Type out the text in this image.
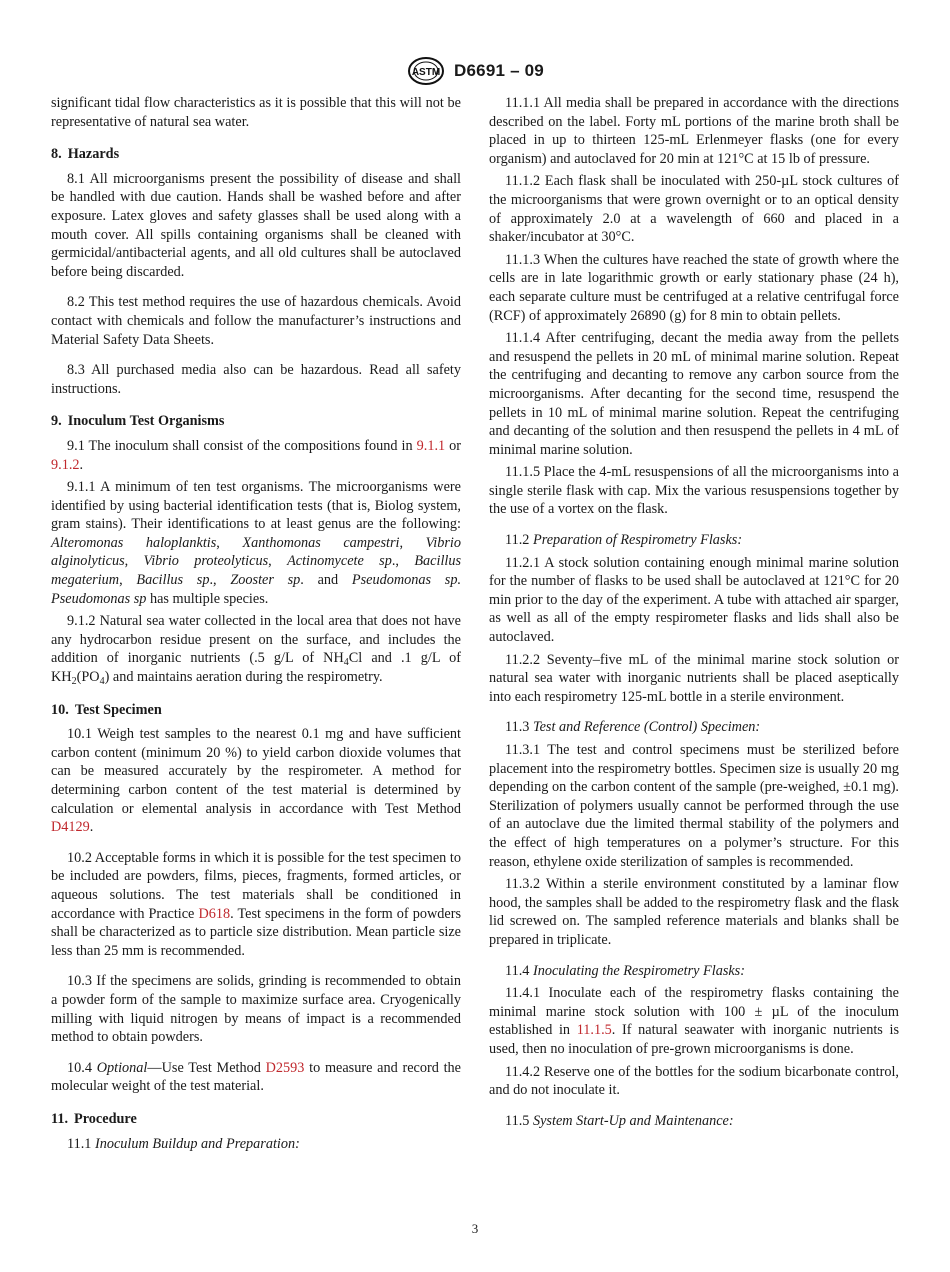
ASTM D6691 – 09

significant tidal flow characteristics as it is possible that this will not be representative of natural sea water.

8. Hazards

8.1 All microorganisms present the possibility of disease and shall be handled with due caution. Hands shall be washed before and after exposure. Latex gloves and safety glasses shall be used along with a mouth cover. All spills containing organisms shall be cleaned with germicidal/antibacterial agents, and all old cultures shall be autoclaved before being discarded.

8.2 This test method requires the use of hazardous chemicals. Avoid contact with chemicals and follow the manufacturer’s instructions and Material Safety Data Sheets.

8.3 All purchased media also can be hazardous. Read all safety instructions.

9. Inoculum Test Organisms

9.1 The inoculum shall consist of the compositions found in 9.1.1 or 9.1.2.

9.1.1 A minimum of ten test organisms. The microorganisms were identified by using bacterial identification tests (that is, Biolog system, gram stains). Their identifications to at least genus are the following: Alteromonas haloplanktis, Xanthomonas campestri, Vibrio alginolyticus, Vibrio proteolyticus, Actinomycete sp., Bacillus megaterium, Bacillus sp., Zooster sp. and Pseudomonas sp. Pseudomonas sp has multiple species.

9.1.2 Natural sea water collected in the local area that does not have any hydrocarbon residue present on the surface, and includes the addition of inorganic nutrients (.5 g/L of $NH_4Cl$ and .1 g/L of $KH_2(PO_4)$ and maintains aeration during the respirometry.

10. Test Specimen

10.1 Weigh test samples to the nearest 0.1 mg and have sufficient carbon content (minimum 20 %) to yield carbon dioxide volumes that can be measured accurately by the respirometer. A method for determining carbon content of the test material is determined by calculation or elemental analysis in accordance with Test Method D4129.

10.2 Acceptable forms in which it is possible for the test specimen to be included are powders, films, pieces, fragments, formed articles, or aqueous solutions. The test materials shall be conditioned in accordance with Practice D618. Test specimens in the form of powders shall be characterized as to particle size distribution. Mean particle size less than 25 mm is recommended.

10.3 If the specimens are solids, grinding is recommended to obtain a powder form of the sample to maximize surface area. Cryogenically milling with liquid nitrogen by means of impact is a recommended method to obtain powders.

10.4 Optional—Use Test Method D2593 to measure and record the molecular weight of the test material.

11. Procedure

11.1 Inoculum Buildup and Preparation:

11.1.1 All media shall be prepared in accordance with the directions described on the label. Forty mL portions of the marine broth shall be placed in up to thirteen 125-mL Erlenmeyer flasks (one for every organism) and autoclaved for 20 min at 121°C at 15 lb of pressure.

11.1.2 Each flask shall be inoculated with 250-µL stock cultures of the microorganisms that were grown overnight or to an optical density of approximately 2.0 at a wavelength of 660 and placed in a shaker/incubator at 30°C.

11.1.3 When the cultures have reached the state of growth where the cells are in late logarithmic growth or early stationary phase (24 h), each separate culture must be centrifuged at a relative centrifugal force (RCF) of approximately 26890 (g) for 8 min to obtain pellets.

11.1.4 After centrifuging, decant the media away from the pellets and resuspend the pellets in 20 mL of minimal marine solution. Repeat the centrifuging and decanting to remove any carbon source from the microorganisms. After decanting for the second time, resuspend the pellets in 10 mL of minimal marine solution. Repeat the centrifuging and decanting of the solution and then resuspend the pellets in 4 mL of minimal marine solution.

11.1.5 Place the 4-mL resuspensions of all the microorganisms into a single sterile flask with cap. Mix the various resuspensions together by the use of a vortex on the flask.

11.2 Preparation of Respirometry Flasks:

11.2.1 A stock solution containing enough minimal marine solution for the number of flasks to be used shall be autoclaved at 121°C for 20 min prior to the day of the experiment. A tube with attached air sparger, as well as all of the empty respirometer flasks and lids shall also be autoclaved.

11.2.2 Seventy–five mL of the minimal marine stock solution or natural sea water with inorganic nutrients shall be placed aseptically into each respirometry 125-mL bottle in a sterile environment.

11.3 Test and Reference (Control) Specimen:

11.3.1 The test and control specimens must be sterilized before placement into the respirometry bottles. Specimen size is usually 20 mg depending on the carbon content of the sample (pre-weighed, ±0.1 mg). Sterilization of polymers usually cannot be performed through the use of an autoclave due the limited thermal stability of the polymers and the effect of high temperatures on a polymer’s structure. For this reason, ethylene oxide sterilization of samples is recommended.

11.3.2 Within a sterile environment constituted by a laminar flow hood, the samples shall be added to the respirometry flask and the flask lid screwed on. The sampled reference materials and blanks shall be prepared in triplicate.

11.4 Inoculating the Respirometry Flasks:

11.4.1 Inoculate each of the respirometry flasks containing the minimal marine stock solution with 100 ± µL of the inoculum established in 11.1.5. If natural seawater with inorganic nutrients is used, then no inoculation of pre-grown microorganisms is done.

11.4.2 Reserve one of the bottles for the sodium bicarbonate control, and do not inoculate it.

11.5 System Start-Up and Maintenance:

3
